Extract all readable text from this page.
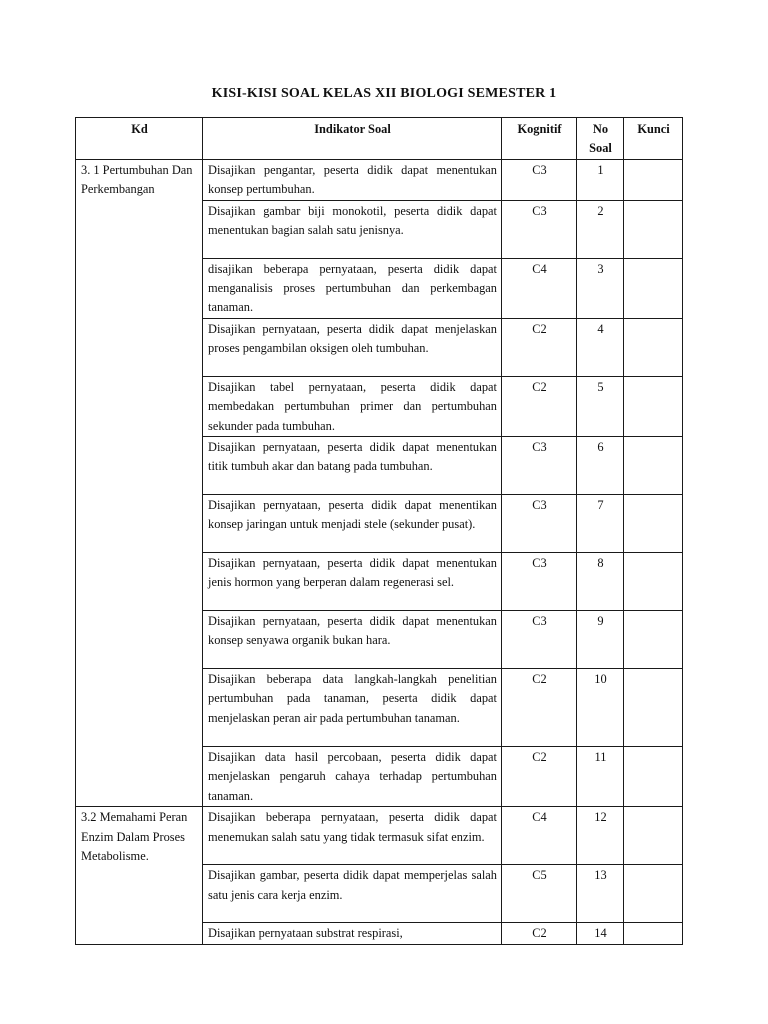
KISI-KISI SOAL KELAS XII BIOLOGI SEMESTER 1
Kd	Indikator Soal	Kognitif	No Soal	Kunci
3. 1 Pertumbuhan Dan Perkembangan	Disajikan pengantar, peserta didik dapat menentukan konsep pertumbuhan.	C3	1	
	Disajikan gambar biji monokotil, peserta didik dapat menentukan bagian salah satu jenisnya.	C3	2	
	disajikan beberapa pernyataan, peserta didik dapat menganalisis proses pertumbuhan dan perkembagan tanaman.	C4	3	
	Disajikan pernyataan, peserta didik dapat menjelaskan proses pengambilan oksigen oleh tumbuhan.	C2	4	
	Disajikan tabel pernyataan, peserta didik dapat membedakan pertumbuhan primer dan pertumbuhan sekunder pada tumbuhan.	C2	5	
	Disajikan pernyataan, peserta didik dapat menentukan titik tumbuh akar dan batang pada tumbuhan.	C3	6	
	Disajikan pernyataan, peserta didik dapat menentikan konsep jaringan untuk menjadi stele (sekunder pusat).	C3	7	
	Disajikan pernyataan, peserta didik dapat menentukan jenis hormon yang berperan dalam regenerasi sel.	C3	8	
	Disajikan pernyataan, peserta didik dapat menentukan konsep senyawa organik bukan hara.	C3	9	
	Disajikan beberapa data langkah-langkah penelitian pertumbuhan pada tanaman, peserta didik dapat menjelaskan peran air pada pertumbuhan tanaman.	C2	10	
	Disajikan data hasil percobaan, peserta didik dapat menjelaskan pengaruh cahaya terhadap pertumbuhan tanaman.	C2	11	
3.2 Memahami Peran Enzim Dalam Proses Metabolisme.	Disajikan beberapa pernyataan, peserta didik dapat menemukan salah satu yang tidak termasuk sifat enzim.	C4	12	
	Disajikan gambar, peserta didik dapat memperjelas salah satu jenis cara kerja enzim.	C5	13	
	Disajikan pernyataan substrat respirasi,	C2	14	
